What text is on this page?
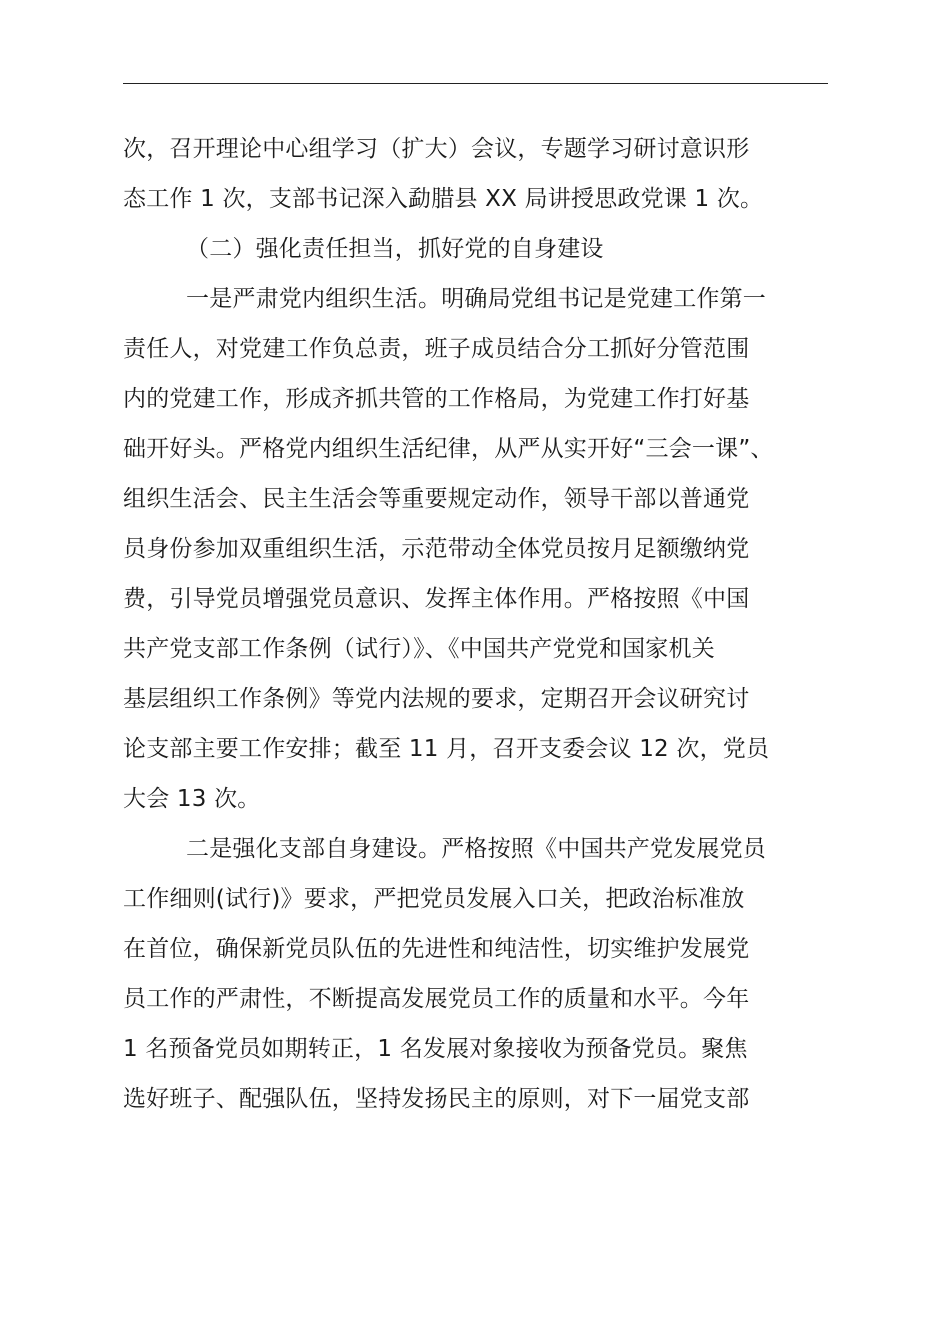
次，召开理论中心组学习（扩大）会议，专题学习研讨意识形
态工作 1 次，支部书记深入勐腊县 XX 局讲授思政党课 1 次。
（二）强化责任担当，抓好党的自身建设
一是严肃党内组织生活。明确局党组书记是党建工作第一
责任人，对党建工作负总责，班子成员结合分工抓好分管范围
内的党建工作，形成齐抓共管的工作格局，为党建工作打好基
础开好头。严格党内组织生活纪律，从严从实开好“三会一课”、
组织生活会、民主生活会等重要规定动作，领导干部以普通党
员身份参加双重组织生活，示范带动全体党员按月足额缴纳党
费，引导党员增强党员意识、发挥主体作用。严格按照《中国
共产党支部工作条例（试行）》、《中国共产党党和国家机关
基层组织工作条例》等党内法规的要求，定期召开会议研究讨
论支部主要工作安排；截至 11 月，召开支委会议 12 次，党员
大会 13 次。
二是强化支部自身建设。严格按照《中国共产党发展党员
工作细则(试行)》要求，严把党员发展入口关，把政治标准放
在首位，确保新党员队伍的先进性和纯洁性，切实维护发展党
员工作的严肃性，不断提高发展党员工作的质量和水平。今年
1 名预备党员如期转正，1 名发展对象接收为预备党员。聚焦
选好班子、配强队伍，坚持发扬民主的原则，对下一届党支部
